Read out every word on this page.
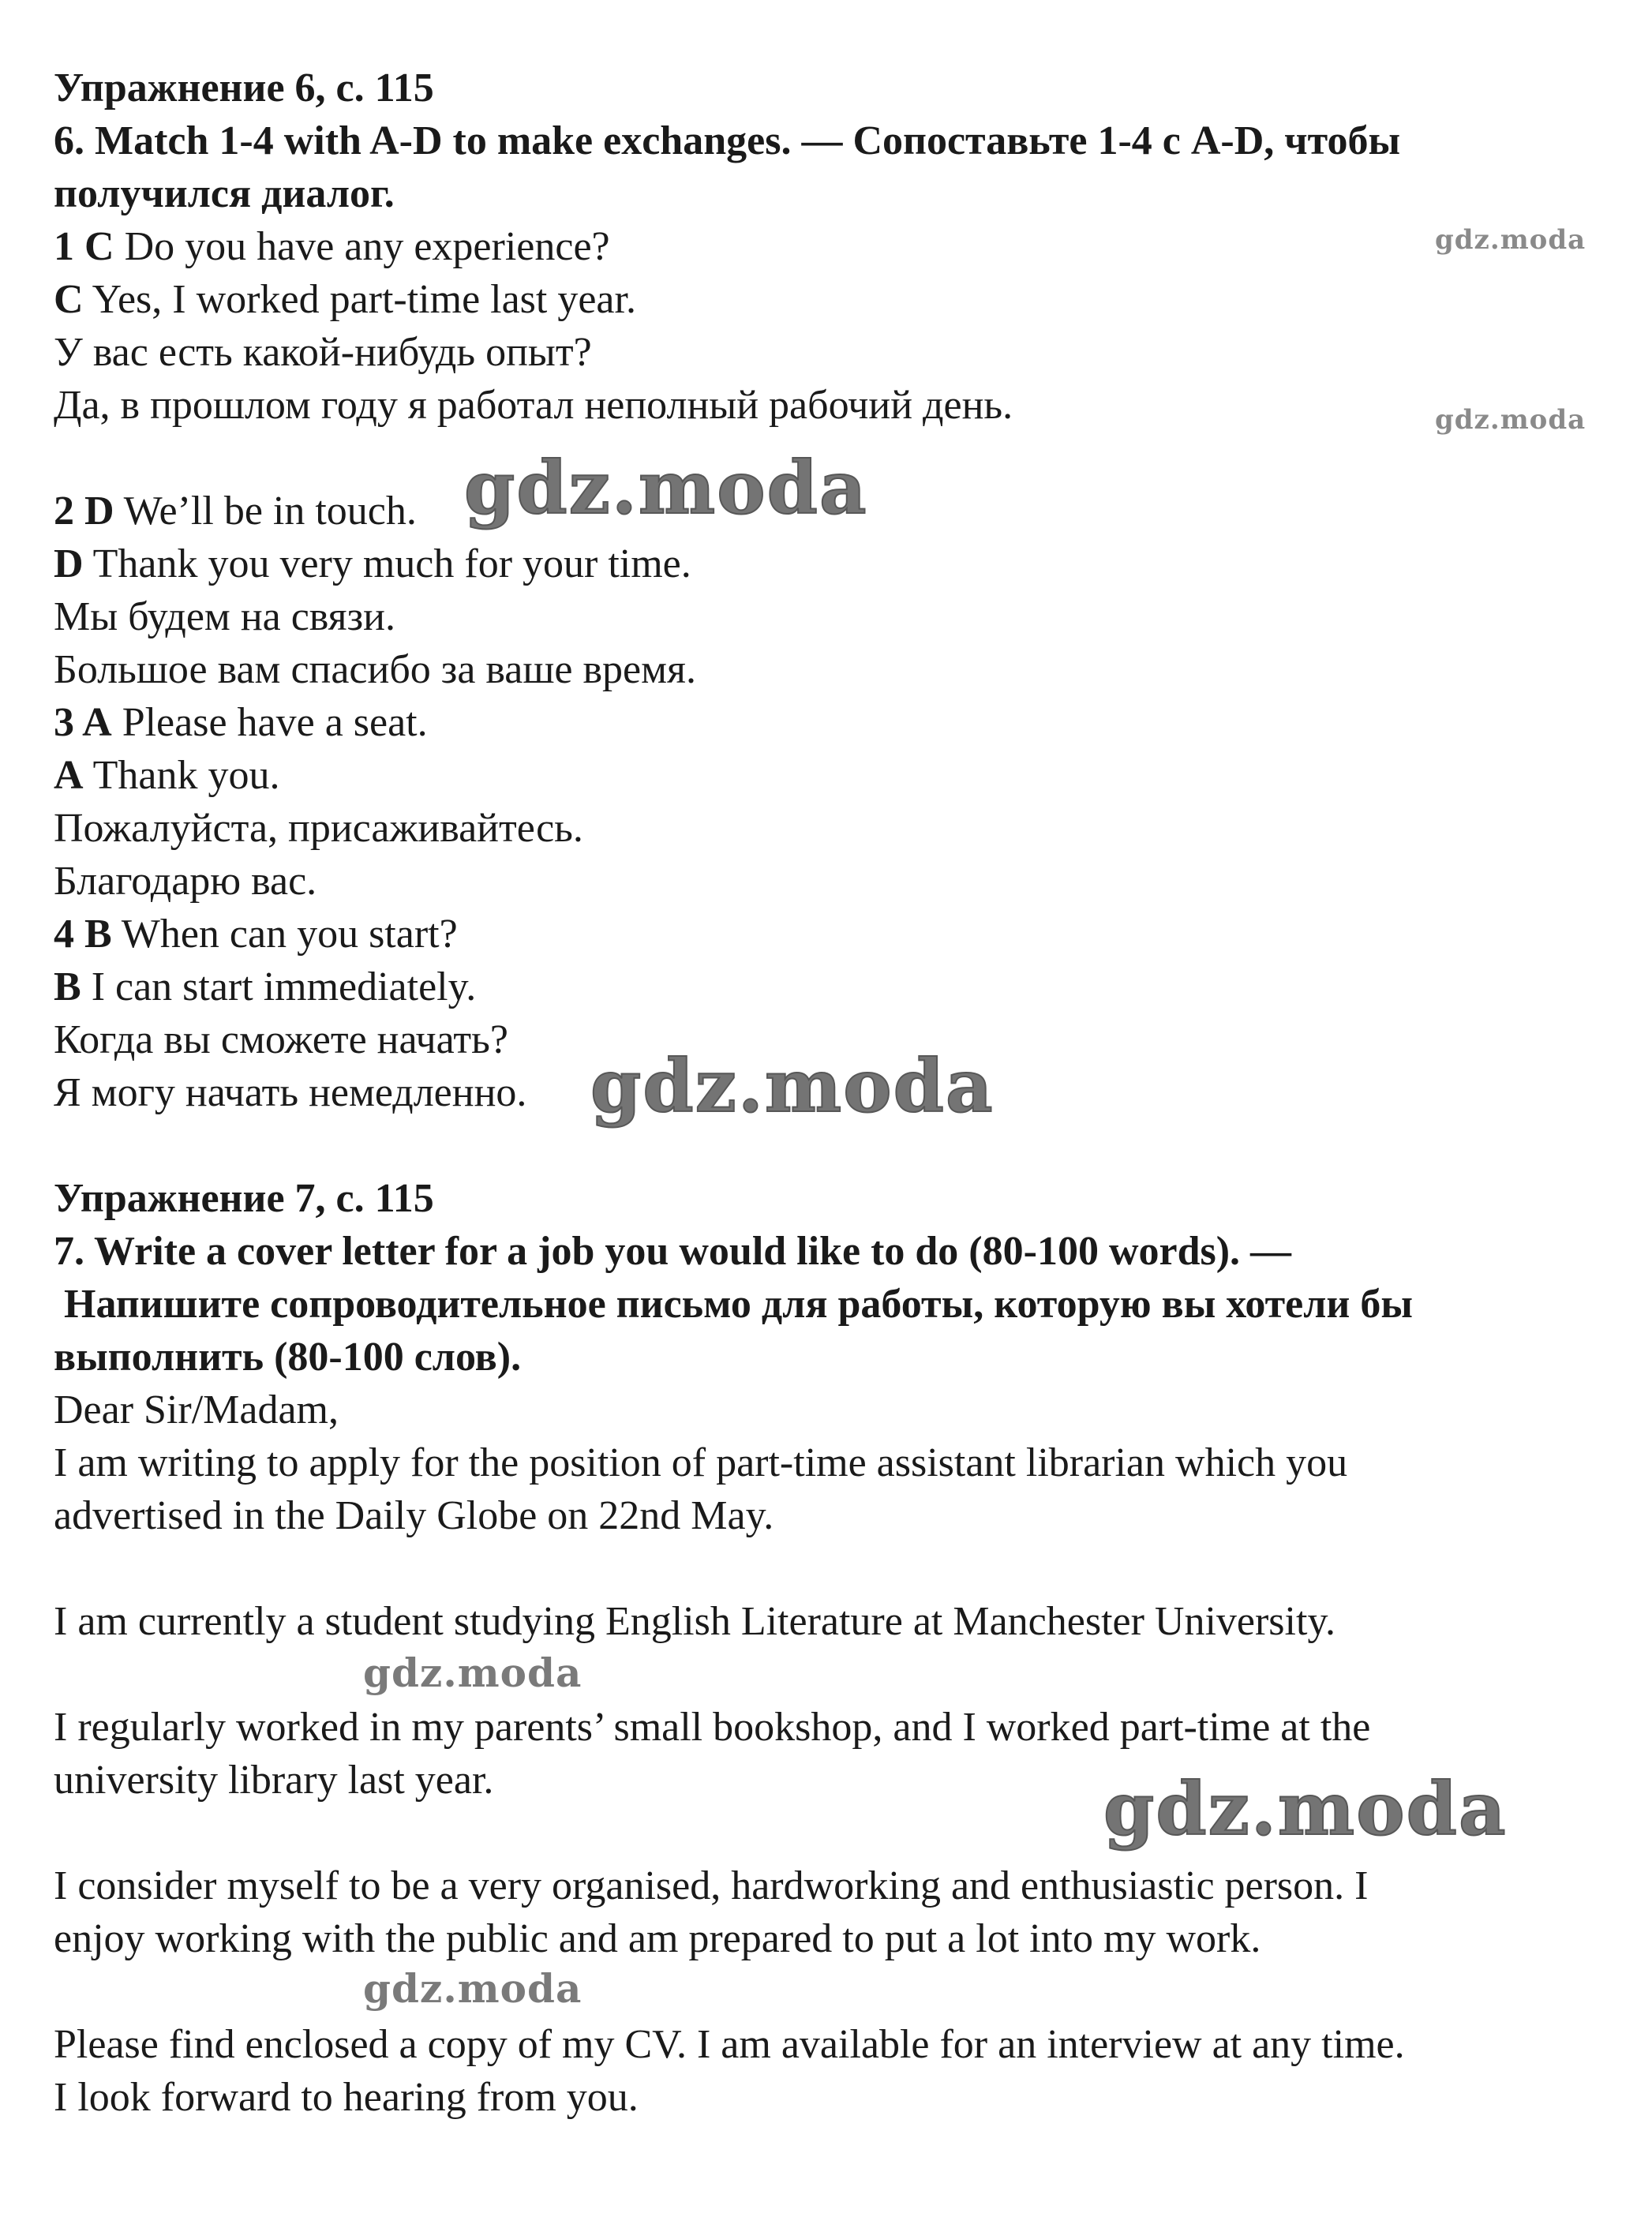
Упражнение 6, с. 115
6. Match 1-4 with A-D to make exchanges. — Сопоставьте 1-4 с A-D, чтобы
получился диалог.
1 C Do you have any experience?
C Yes, I worked part-time last year.
У вас есть какой-нибудь опыт?
Да, в прошлом году я работал неполный рабочий день.
2 D We’ll be in touch.
D Thank you very much for your time.
Мы будем на связи.
Большое вам спасибо за ваше время.
3 A Please have a seat.
A Thank you.
Пожалуйста, присаживайтесь.
Благодарю вас.
4 B When can you start?
B I can start immediately.
Когда вы сможете начать?
Я могу начать немедленно.
Упражнение 7, с. 115
7. Write a cover letter for a job you would like to do (80-100 words). —
Напишите сопроводительное письмо для работы, которую вы хотели бы
выполнить (80-100 слов).
Dear Sir/Madam,
I am writing to apply for the position of part-time assistant librarian which you
advertised in the Daily Globe on 22nd May.
I am currently a student studying English Literature at Manchester University.
I regularly worked in my parents’ small bookshop, and I worked part-time at the
university library last year.
I consider myself to be a very organised, hardworking and enthusiastic person. I
enjoy working with the public and am prepared to put a lot into my work.
Please find enclosed a copy of my CV. I am available for an interview at any time.
I look forward to hearing from you.
gdz.moda
gdz.moda
gdz.moda
gdz.moda
gdz.moda
gdz.moda
gdz.moda
